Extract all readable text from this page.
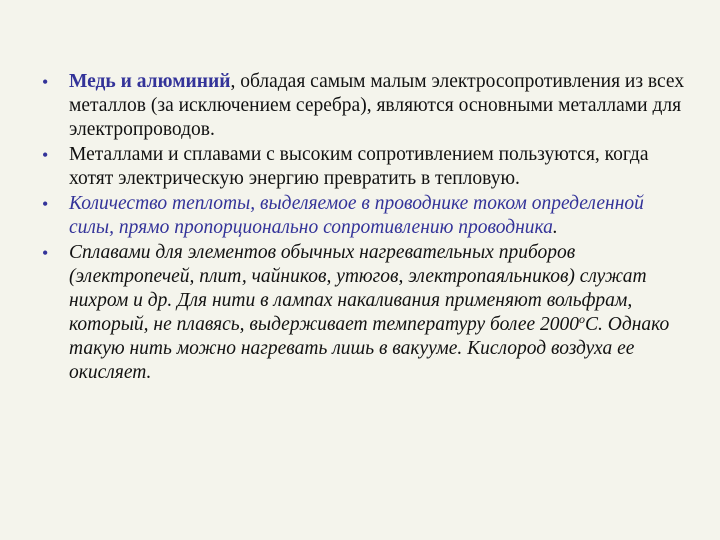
• Медь и алюминий, обладая самым малым электросопротивления из всех металлов (за исключением серебра), являются основными металлами для электропроводов.
• Металлами и сплавами с высоким сопротивлением пользуются, когда хотят электрическую энергию превратить в тепловую.
• Количество теплоты, выделяемое в проводнике током определенной силы, прямо пропорционально сопротивлению проводника.
• Сплавами для элементов обычных нагревательных приборов (электропечей, плит, чайников, утюгов, электропаяльников) служат нихром и др. Для нити в лампах накаливания применяют вольфрам, который, не плавясь, выдерживает температуру более $2000^оС$. Однако такую нить можно нагревать лишь в вакууме. Кислород воздуха ее окисляет.
